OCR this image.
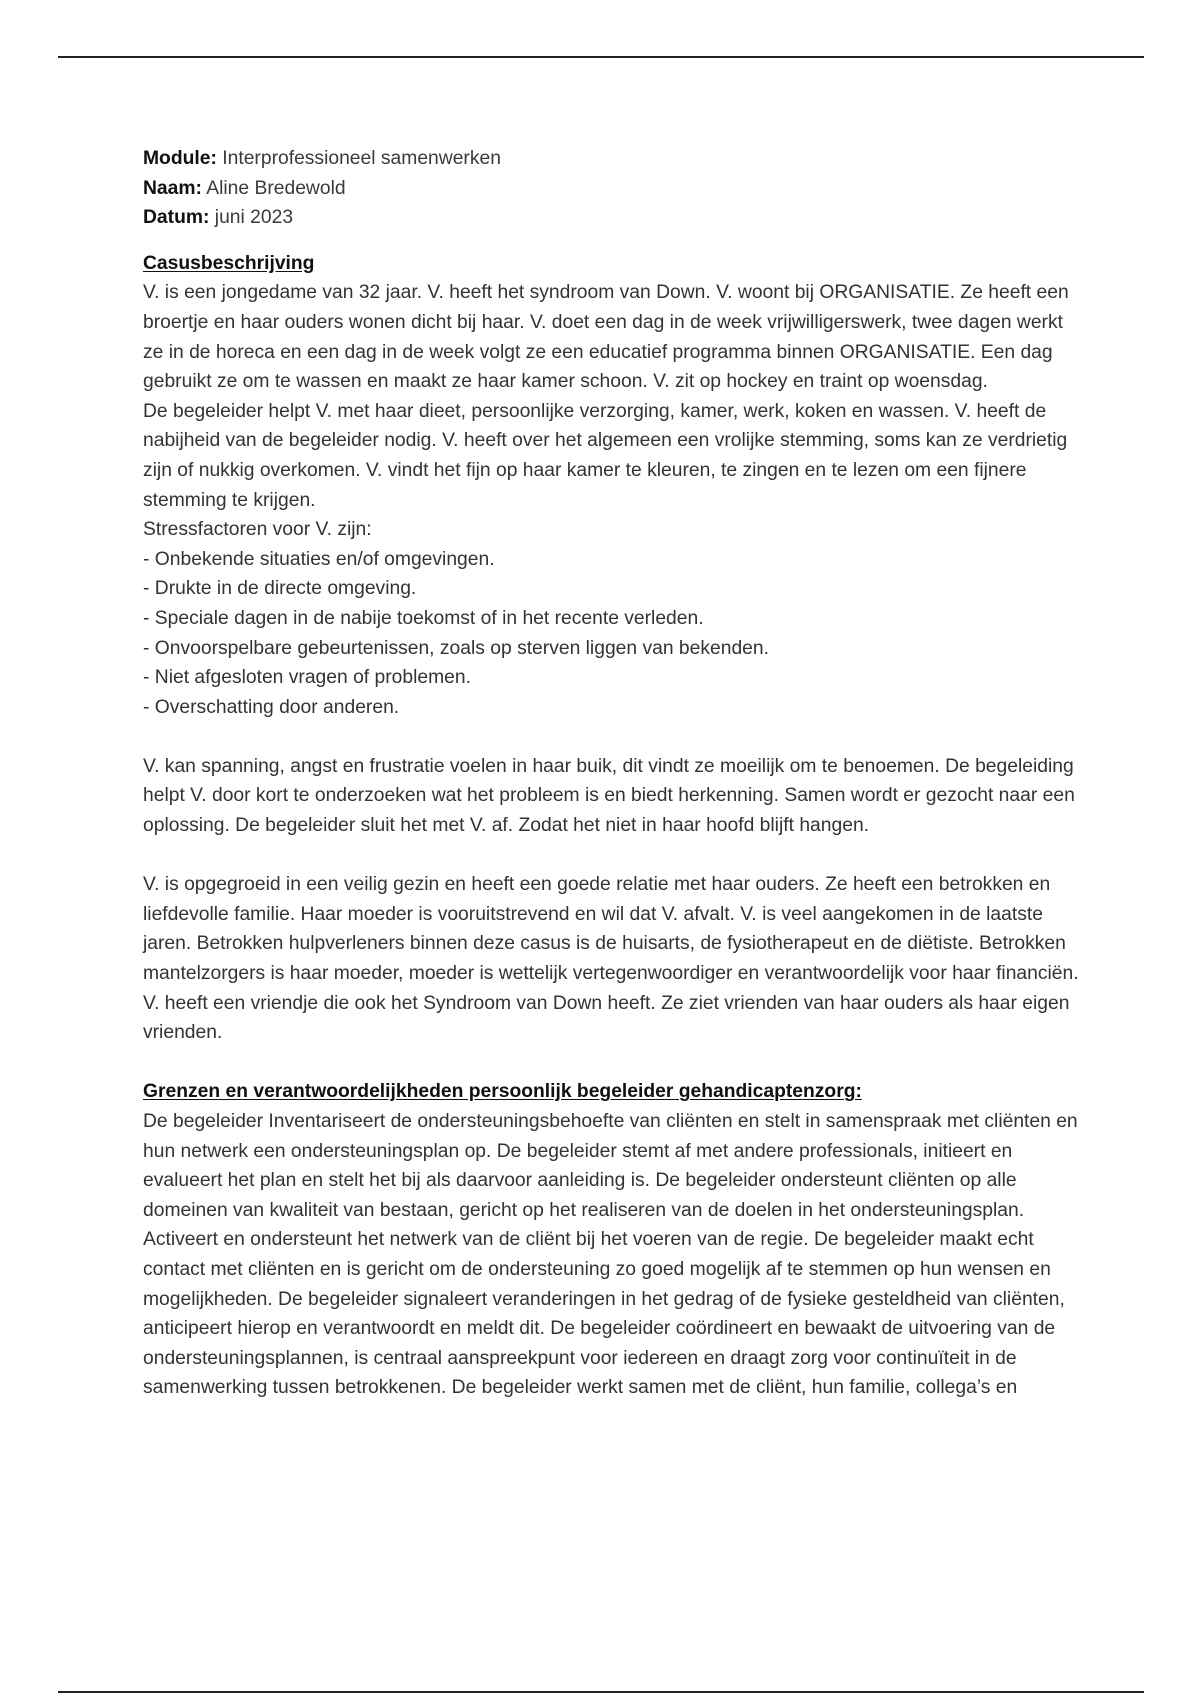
Module: Interprofessioneel samenwerken
Naam: Aline Bredewold
Datum: juni 2023
Casusbeschrijving

V. is een jongedame van 32 jaar. V. heeft het syndroom van Down. V. woont bij ORGANISATIE. Ze heeft een broertje en haar ouders wonen dicht bij haar. V. doet een dag in de week vrijwilligerswerk, twee dagen werkt ze in de horeca en een dag in de week volgt ze een educatief programma binnen ORGANISATIE. Een dag gebruikt ze om te wassen en maakt ze haar kamer schoon. V. zit op hockey en traint op woensdag.

De begeleider helpt V. met haar dieet, persoonlijke verzorging, kamer, werk, koken en wassen. V. heeft de nabijheid van de begeleider nodig. V. heeft over het algemeen een vrolijke stemming, soms kan ze verdrietig zijn of nukkig overkomen. V. vindt het fijn op haar kamer te kleuren, te zingen en te lezen om een fijnere stemming te krijgen.

Stressfactoren voor V. zijn:

- Onbekende situaties en/of omgevingen.
- Drukte in de directe omgeving.
- Speciale dagen in de nabije toekomst of in het recente verleden.
- Onvoorspelbare gebeurtenissen, zoals op sterven liggen van bekenden.
- Niet afgesloten vragen of problemen.
- Overschatting door anderen.

V. kan spanning, angst en frustratie voelen in haar buik, dit vindt ze moeilijk om te benoemen. De begeleiding helpt V. door kort te onderzoeken wat het probleem is en biedt herkenning. Samen wordt er gezocht naar een oplossing. De begeleider sluit het met V. af. Zodat het niet in haar hoofd blijft hangen.

V. is opgegroeid in een veilig gezin en heeft een goede relatie met haar ouders. Ze heeft een betrokken en liefdevolle familie. Haar moeder is vooruitstrevend en wil dat V. afvalt. V. is veel aangekomen in de laatste jaren. Betrokken hulpverleners binnen deze casus is de huisarts, de fysiotherapeut en de diëtiste. Betrokken mantelzorgers is haar moeder, moeder is wettelijk vertegenwoordiger en verantwoordelijk voor haar financiën. V. heeft een vriendje die ook het Syndroom van Down heeft. Ze ziet vrienden van haar ouders als haar eigen vrienden.

Grenzen en verantwoordelijkheden persoonlijk begeleider gehandicaptenzorg:

De begeleider Inventariseert de ondersteuningsbehoefte van cliënten en stelt in samenspraak met cliënten en hun netwerk een ondersteuningsplan op. De begeleider stemt af met andere professionals, initieert en evalueert het plan en stelt het bij als daarvoor aanleiding is. De begeleider ondersteunt cliënten op alle domeinen van kwaliteit van bestaan, gericht op het realiseren van de doelen in het ondersteuningsplan. Activeert en ondersteunt het netwerk van de cliënt bij het voeren van de regie. De begeleider maakt echt contact met cliënten en is gericht om de ondersteuning zo goed mogelijk af te stemmen op hun wensen en mogelijkheden. De begeleider signaleert veranderingen in het gedrag of de fysieke gesteldheid van cliënten, anticipeert hierop en verantwoordt en meldt dit. De begeleider coördineert en bewaakt de uitvoering van de ondersteuningsplannen, is centraal aanspreekpunt voor iedereen en draagt zorg voor continuïteit in de samenwerking tussen betrokkenen. De begeleider werkt samen met de cliënt, hun familie, collega’s en
